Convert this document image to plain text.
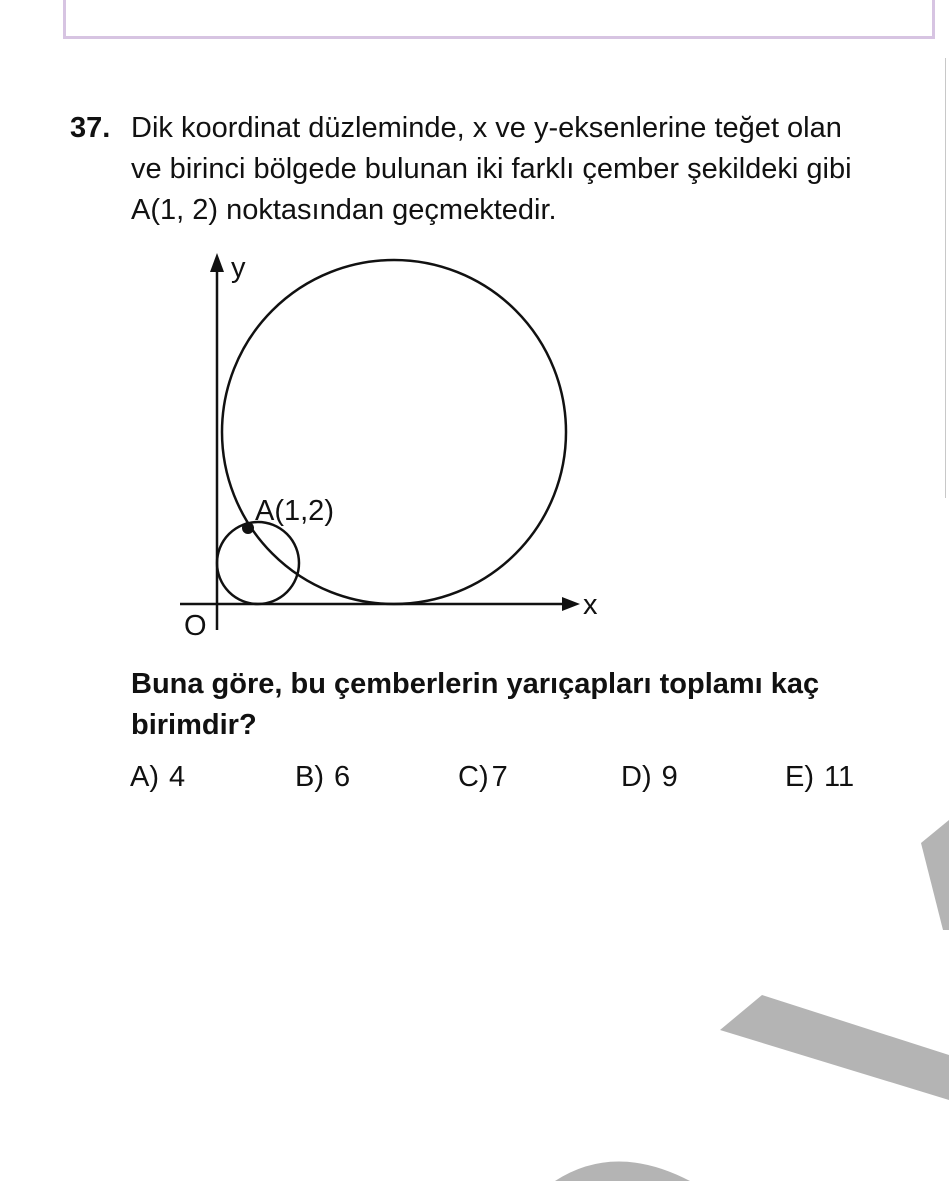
37. Dik koordinat düzleminde, x ve y-eksenlerine teğet olan
ve birinci bölgede bulunan iki farklı çember şekildeki gibi
A(1, 2) noktasından geçmektedir.
y
x
O
A(1,2)
Buna göre, bu çemberlerin yarıçapları toplamı kaç
birimdir?
A) 4	B) 6	C) 7	D) 9	E) 11
